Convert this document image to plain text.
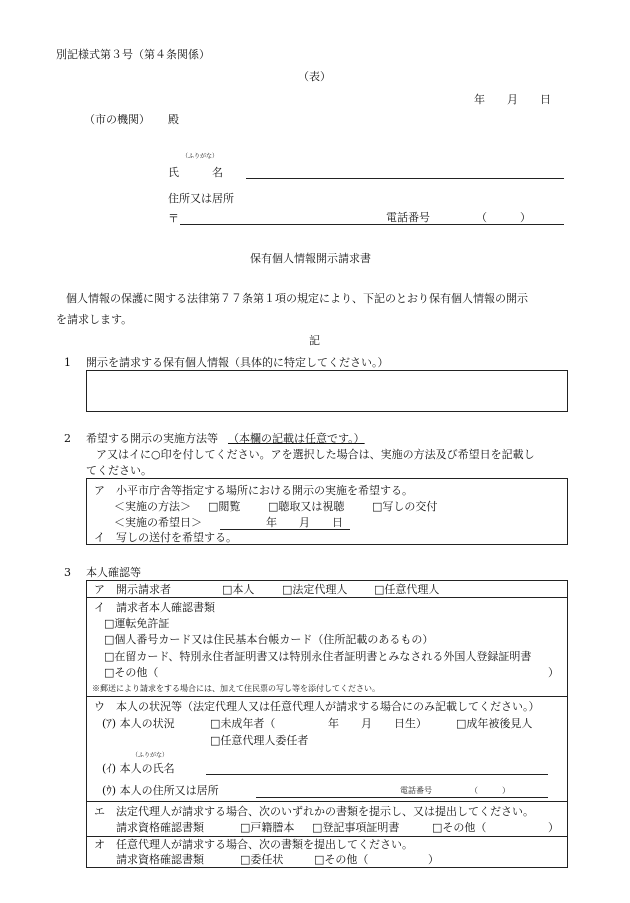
別記様式第３号（第４条関係）
（表）
年　　月　　日
（市の機関） 殿
（ふりがな）
氏　　　名
住所又は居所
〒	電話番号	（　　　）
保有個人情報開示請求書
個人情報の保護に関する法律第７７条第１項の規定により、下記のとおり保有個人情報の開示
を請求します。
記
1 開示を請求する保有個人情報（具体的に特定してください。）
2 希望する開示の実施方法等 （本欄の記載は任意です。）
ア又はイに○印を付してください。アを選択した場合は、実施の方法及び希望日を記載し
てください。
ア　小平市庁舎等指定する場所における開示の実施を希望する。
＜実施の方法＞ □閲覧	□聴取又は視聴	□写しの交付
＜実施の希望日＞	年　　月　　日
イ　写しの送付を希望する。
3 本人確認等
ア　開示請求者	□本人	□法定代理人 □任意代理人
イ　請求者本人確認書類
□運転免許証
□個人番号カード又は住民基本台帳カード（住所記載のあるもの）
□在留カード、特別永住者証明書又は特別永住者証明書とみなされる外国人登録証明書
□その他（	）
※郵送により請求をする場合には、加えて住民票の写し等を添付してください。
ウ　本人の状況等（法定代理人又は任意代理人が請求する場合にのみ記載してください。）
(ｱ) 本人の状況	□未成年者（	年　　月　　日生）	□成年被後見人
□任意代理人委任者
（ふりがな）
(ｲ) 本人の氏名
(ｳ) 本人の住所又は居所	電話番号	（　　　）
エ　法定代理人が請求する場合、次のいずれかの書類を提示し、又は提出してください。
請求資格確認書類	□戸籍謄本 □登記事項証明書	□その他（	）
オ　任意代理人が請求する場合、次の書類を提出してください。
請求資格確認書類	□委任状	□その他（	）
